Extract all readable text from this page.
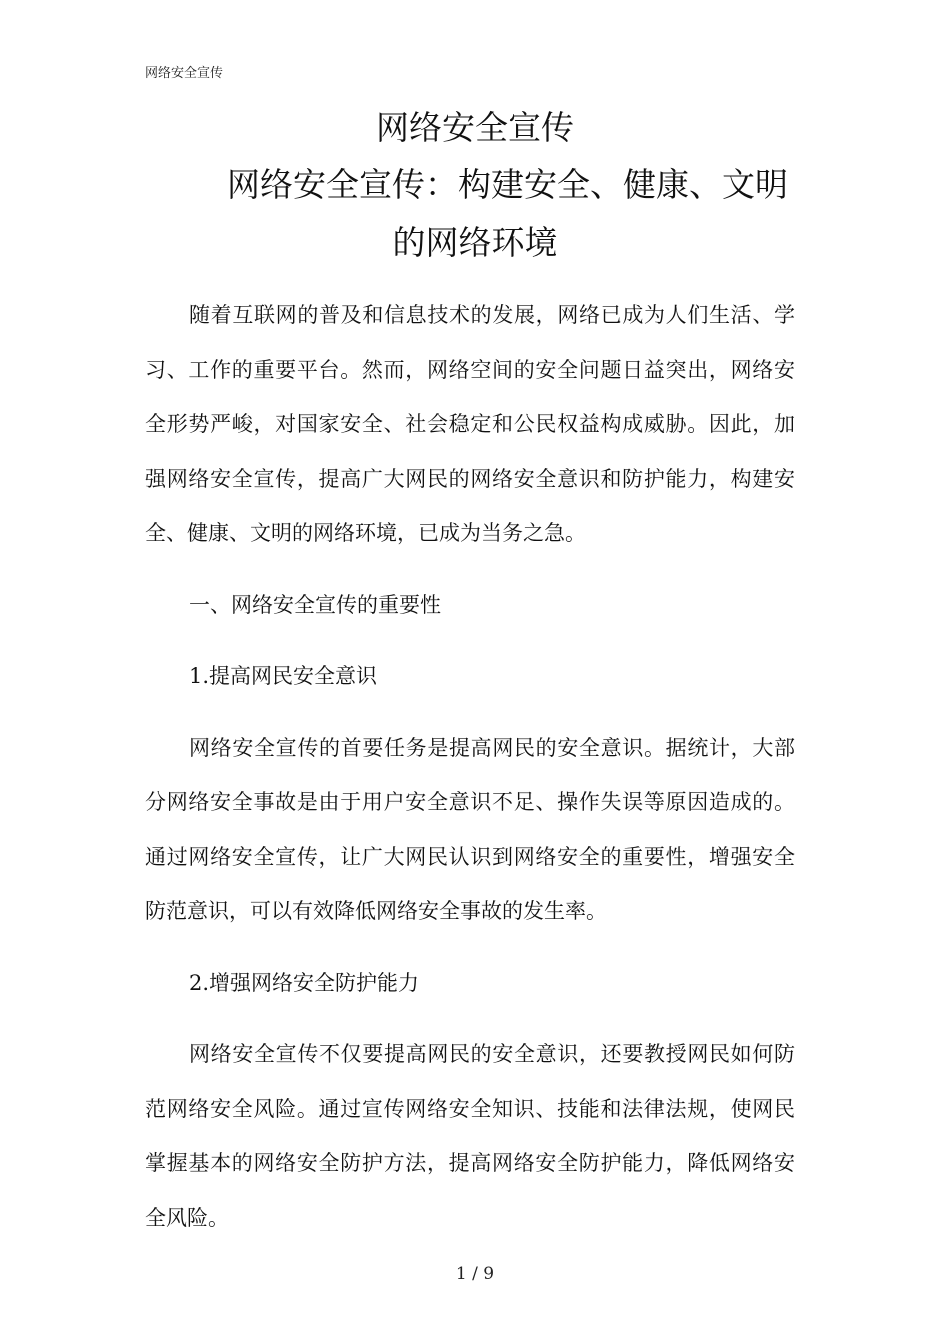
网络安全宣传
网络安全宣传
网络安全宣传：构建安全、健康、文明
的网络环境

随着互联网的普及和信息技术的发展，网络已成为人们生活、学习、工作的重要平台。然而，网络空间的安全问题日益突出，网络安全形势严峻，对国家安全、社会稳定和公民权益构成威胁。因此，加强网络安全宣传，提高广大网民的网络安全意识和防护能力，构建安全、健康、文明的网络环境，已成为当务之急。

一、网络安全宣传的重要性
1.提高网民安全意识

网络安全宣传的首要任务是提高网民的安全意识。据统计，大部分网络安全事故是由于用户安全意识不足、操作失误等原因造成的。通过网络安全宣传，让广大网民认识到网络安全的重要性，增强安全防范意识，可以有效降低网络安全事故的发生率。

2.增强网络安全防护能力

网络安全宣传不仅要提高网民的安全意识，还要教授网民如何防范网络安全风险。通过宣传网络安全知识、技能和法律法规，使网民掌握基本的网络安全防护方法，提高网络安全防护能力，降低网络安全风险。

1 / 9
